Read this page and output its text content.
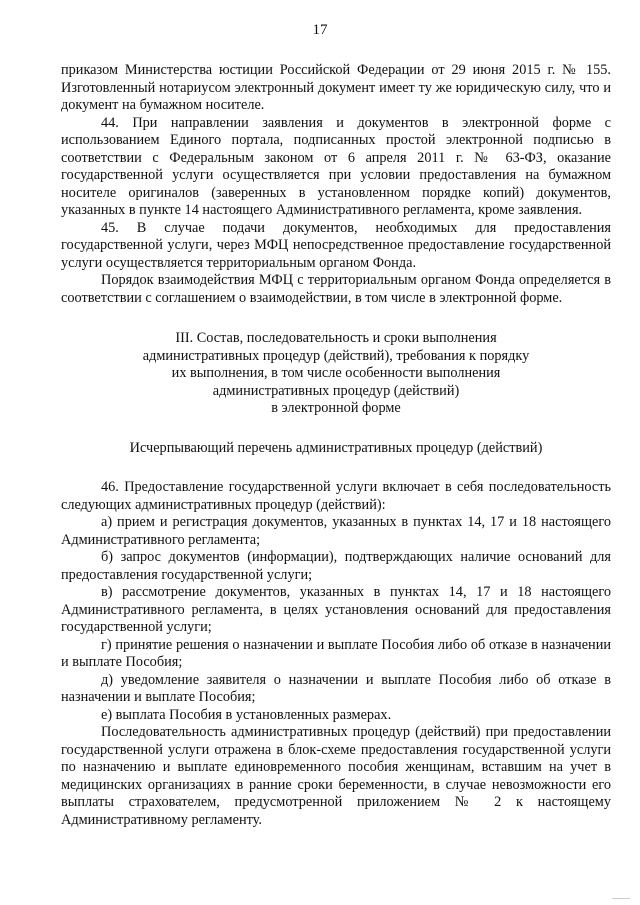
17

приказом Министерства юстиции Российской Федерации от 29 июня 2015 г. № 155. Изготовленный нотариусом электронный документ имеет ту же юридическую силу, что и документ на бумажном носителе.

44. При направлении заявления и документов в электронной форме с использованием Единого портала, подписанных простой электронной подписью в соответствии с Федеральным законом от 6 апреля 2011 г. № 63-ФЗ, оказание государственной услуги осуществляется при условии предоставления на бумажном носителе оригиналов (заверенных в установленном порядке копий) документов, указанных в пункте 14 настоящего Административного регламента, кроме заявления.

45. В случае подачи документов, необходимых для предоставления государственной услуги, через МФЦ непосредственное предоставление государственной услуги осуществляется территориальным органом Фонда.

Порядок взаимодействия МФЦ с территориальным органом Фонда определяется в соответствии с соглашением о взаимодействии, в том числе в электронной форме.

III. Состав, последовательность и сроки выполнения
административных процедур (действий), требования к порядку
их выполнения, в том числе особенности выполнения
административных процедур (действий)
в электронной форме
Исчерпывающий перечень административных процедур (действий)

46. Предоставление государственной услуги включает в себя последовательность следующих административных процедур (действий):

а) прием и регистрация документов, указанных в пунктах 14, 17 и 18 настоящего Административного регламента;

б) запрос документов (информации), подтверждающих наличие оснований для предоставления государственной услуги;

в) рассмотрение документов, указанных в пунктах 14, 17 и 18 настоящего Административного регламента, в целях установления оснований для предоставления государственной услуги;

г) принятие решения о назначении и выплате Пособия либо об отказе в назначении и выплате Пособия;

д) уведомление заявителя о назначении и выплате Пособия либо об отказе в назначении и выплате Пособия;

е) выплата Пособия в установленных размерах.

Последовательность административных процедур (действий) при предоставлении государственной услуги отражена в блок-схеме предоставления государственной услуги по назначению и выплате единовременного пособия женщинам, вставшим на учет в медицинских организациях в ранние сроки беременности, в случае невозможности его выплаты страхователем, предусмотренной приложением № 2 к настоящему Административному регламенту.
